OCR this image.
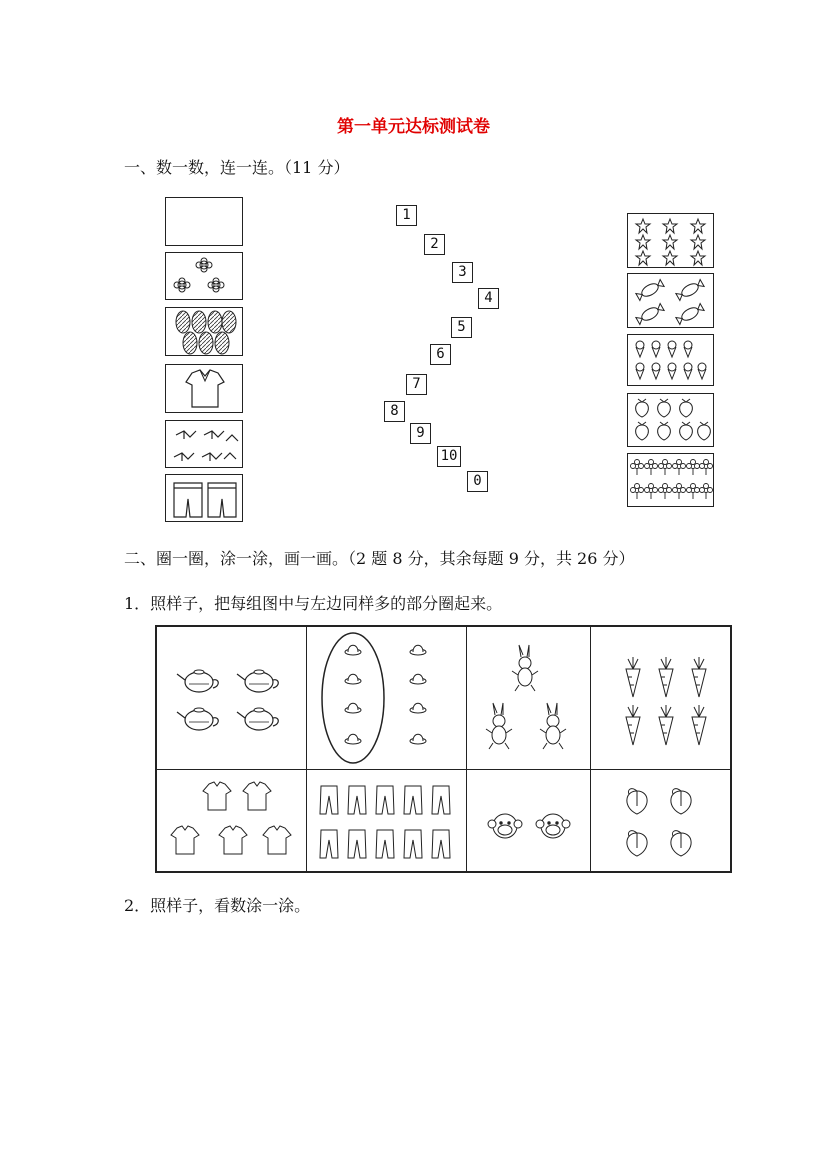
第一单元达标测试卷
一、数一数，连一连。（11 分）
1
2
3
4
5
6
7
8
9
10
0
二、圈一圈，涂一涂，画一画。（2 题 8 分，其余每题 9 分，共 26 分）
1．照样子，把每组图中与左边同样多的部分圈起来。

2．照样子，看数涂一涂。
